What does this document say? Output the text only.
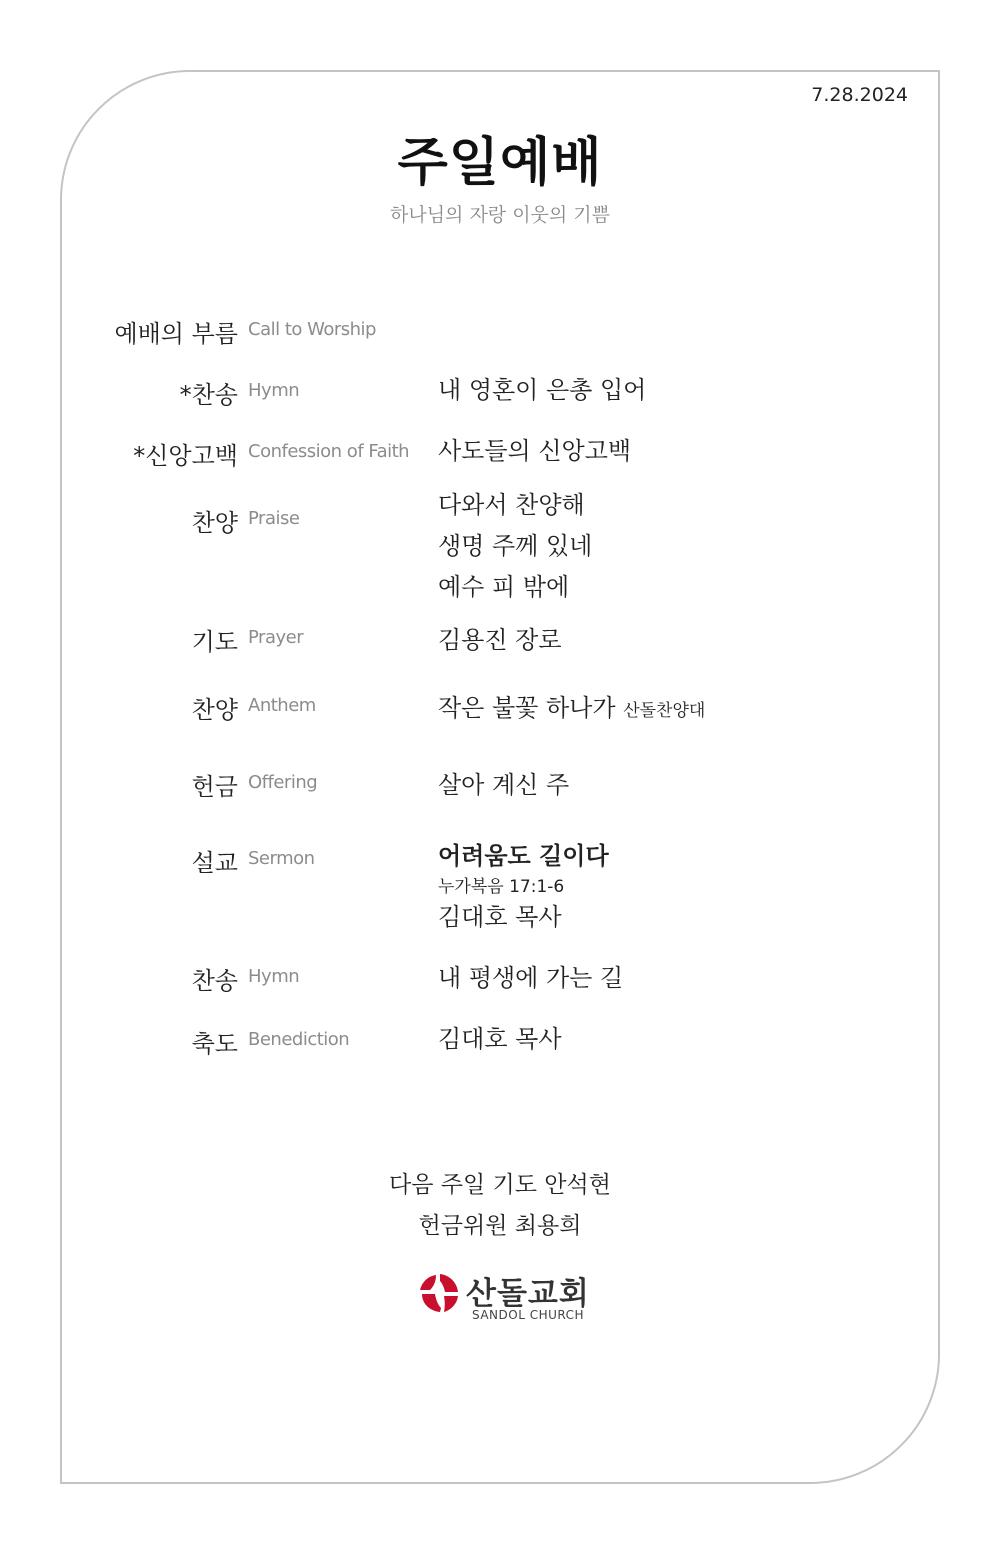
7.28.2024
주일예배
하나님의 자랑 이웃의 기쁨
예배의 부름 Call to Worship
*찬송 Hymn	내 영혼이 은총 입어
*신앙고백 Confession of Faith 사도들의 신앙고백
찬양 Praise	다와서 찬양해
생명 주께 있네
예수 피 밖에
기도 Prayer	김용진 장로
찬양 Anthem	작은 불꽃 하나가 산돌찬양대
헌금 Offering	살아 계신 주
설교 Sermon	어려움도 길이다
누가복음 17:1-6
김대호 목사
찬송 Hymn	내 평생에 가는 길
축도 Benediction	김대호 목사
다음 주일 기도 안석현
헌금위원 최용희
산돌교회
SANDOL CHURCH
